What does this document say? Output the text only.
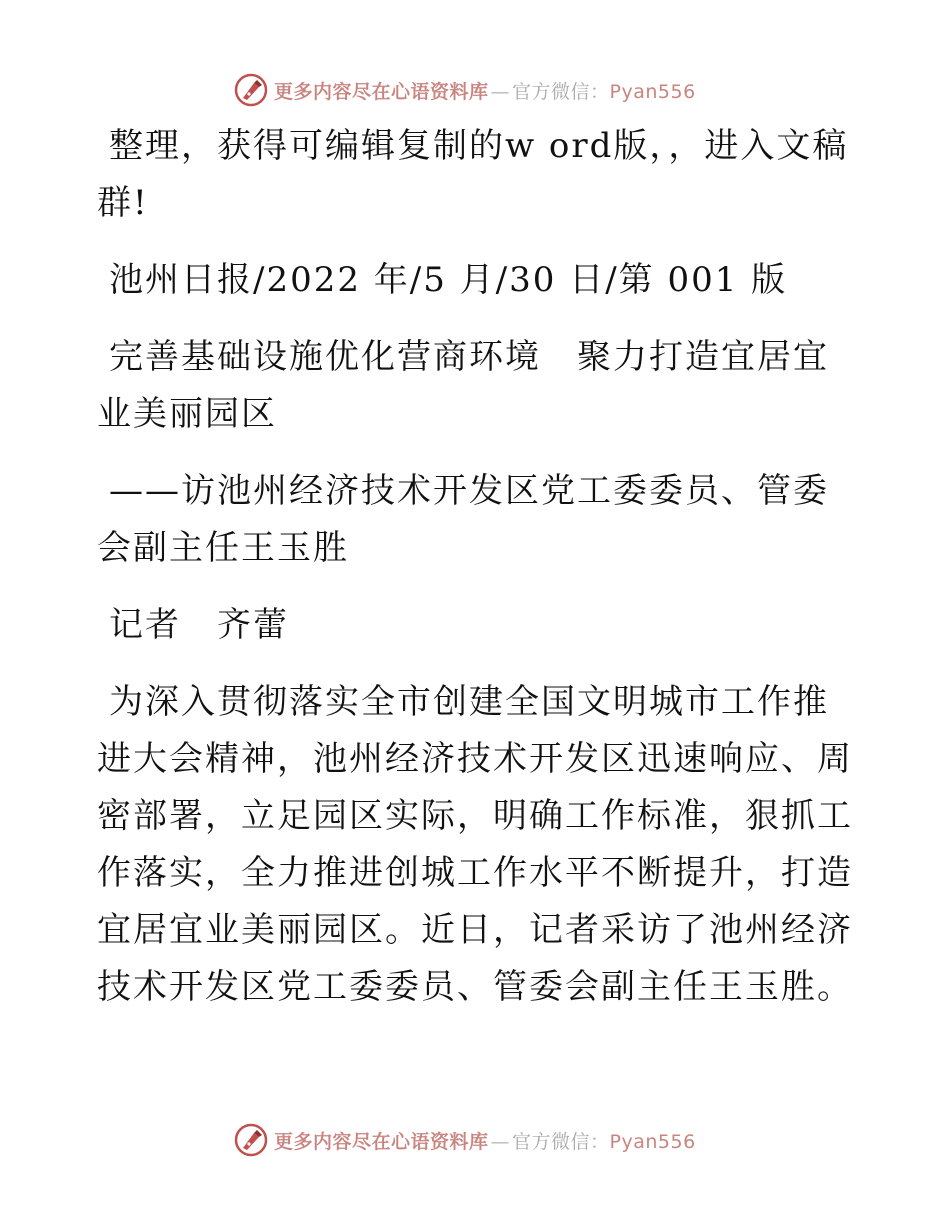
更多内容尽在心语资料库 — 官方微信：Pyan556

整理，获得可编辑复制的w ord版，，进入文稿群!

池州日报/2022 年/5 月/30 日/第 001 版

完善基础设施优化营商环境　聚力打造宜居宜业美丽园区

——访池州经济技术开发区党工委委员、管委会副主任王玉胜

记者　齐蕾

为深入贯彻落实全市创建全国文明城市工作推进大会精神，池州经济技术开发区迅速响应、周密部署，立足园区实际，明确工作标准，狠抓工作落实，全力推进创城工作水平不断提升，打造宜居宜业美丽园区。近日，记者采访了池州经济技术开发区党工委委员、管委会副主任王玉胜。

更多内容尽在心语资料库 — 官方微信：Pyan556
